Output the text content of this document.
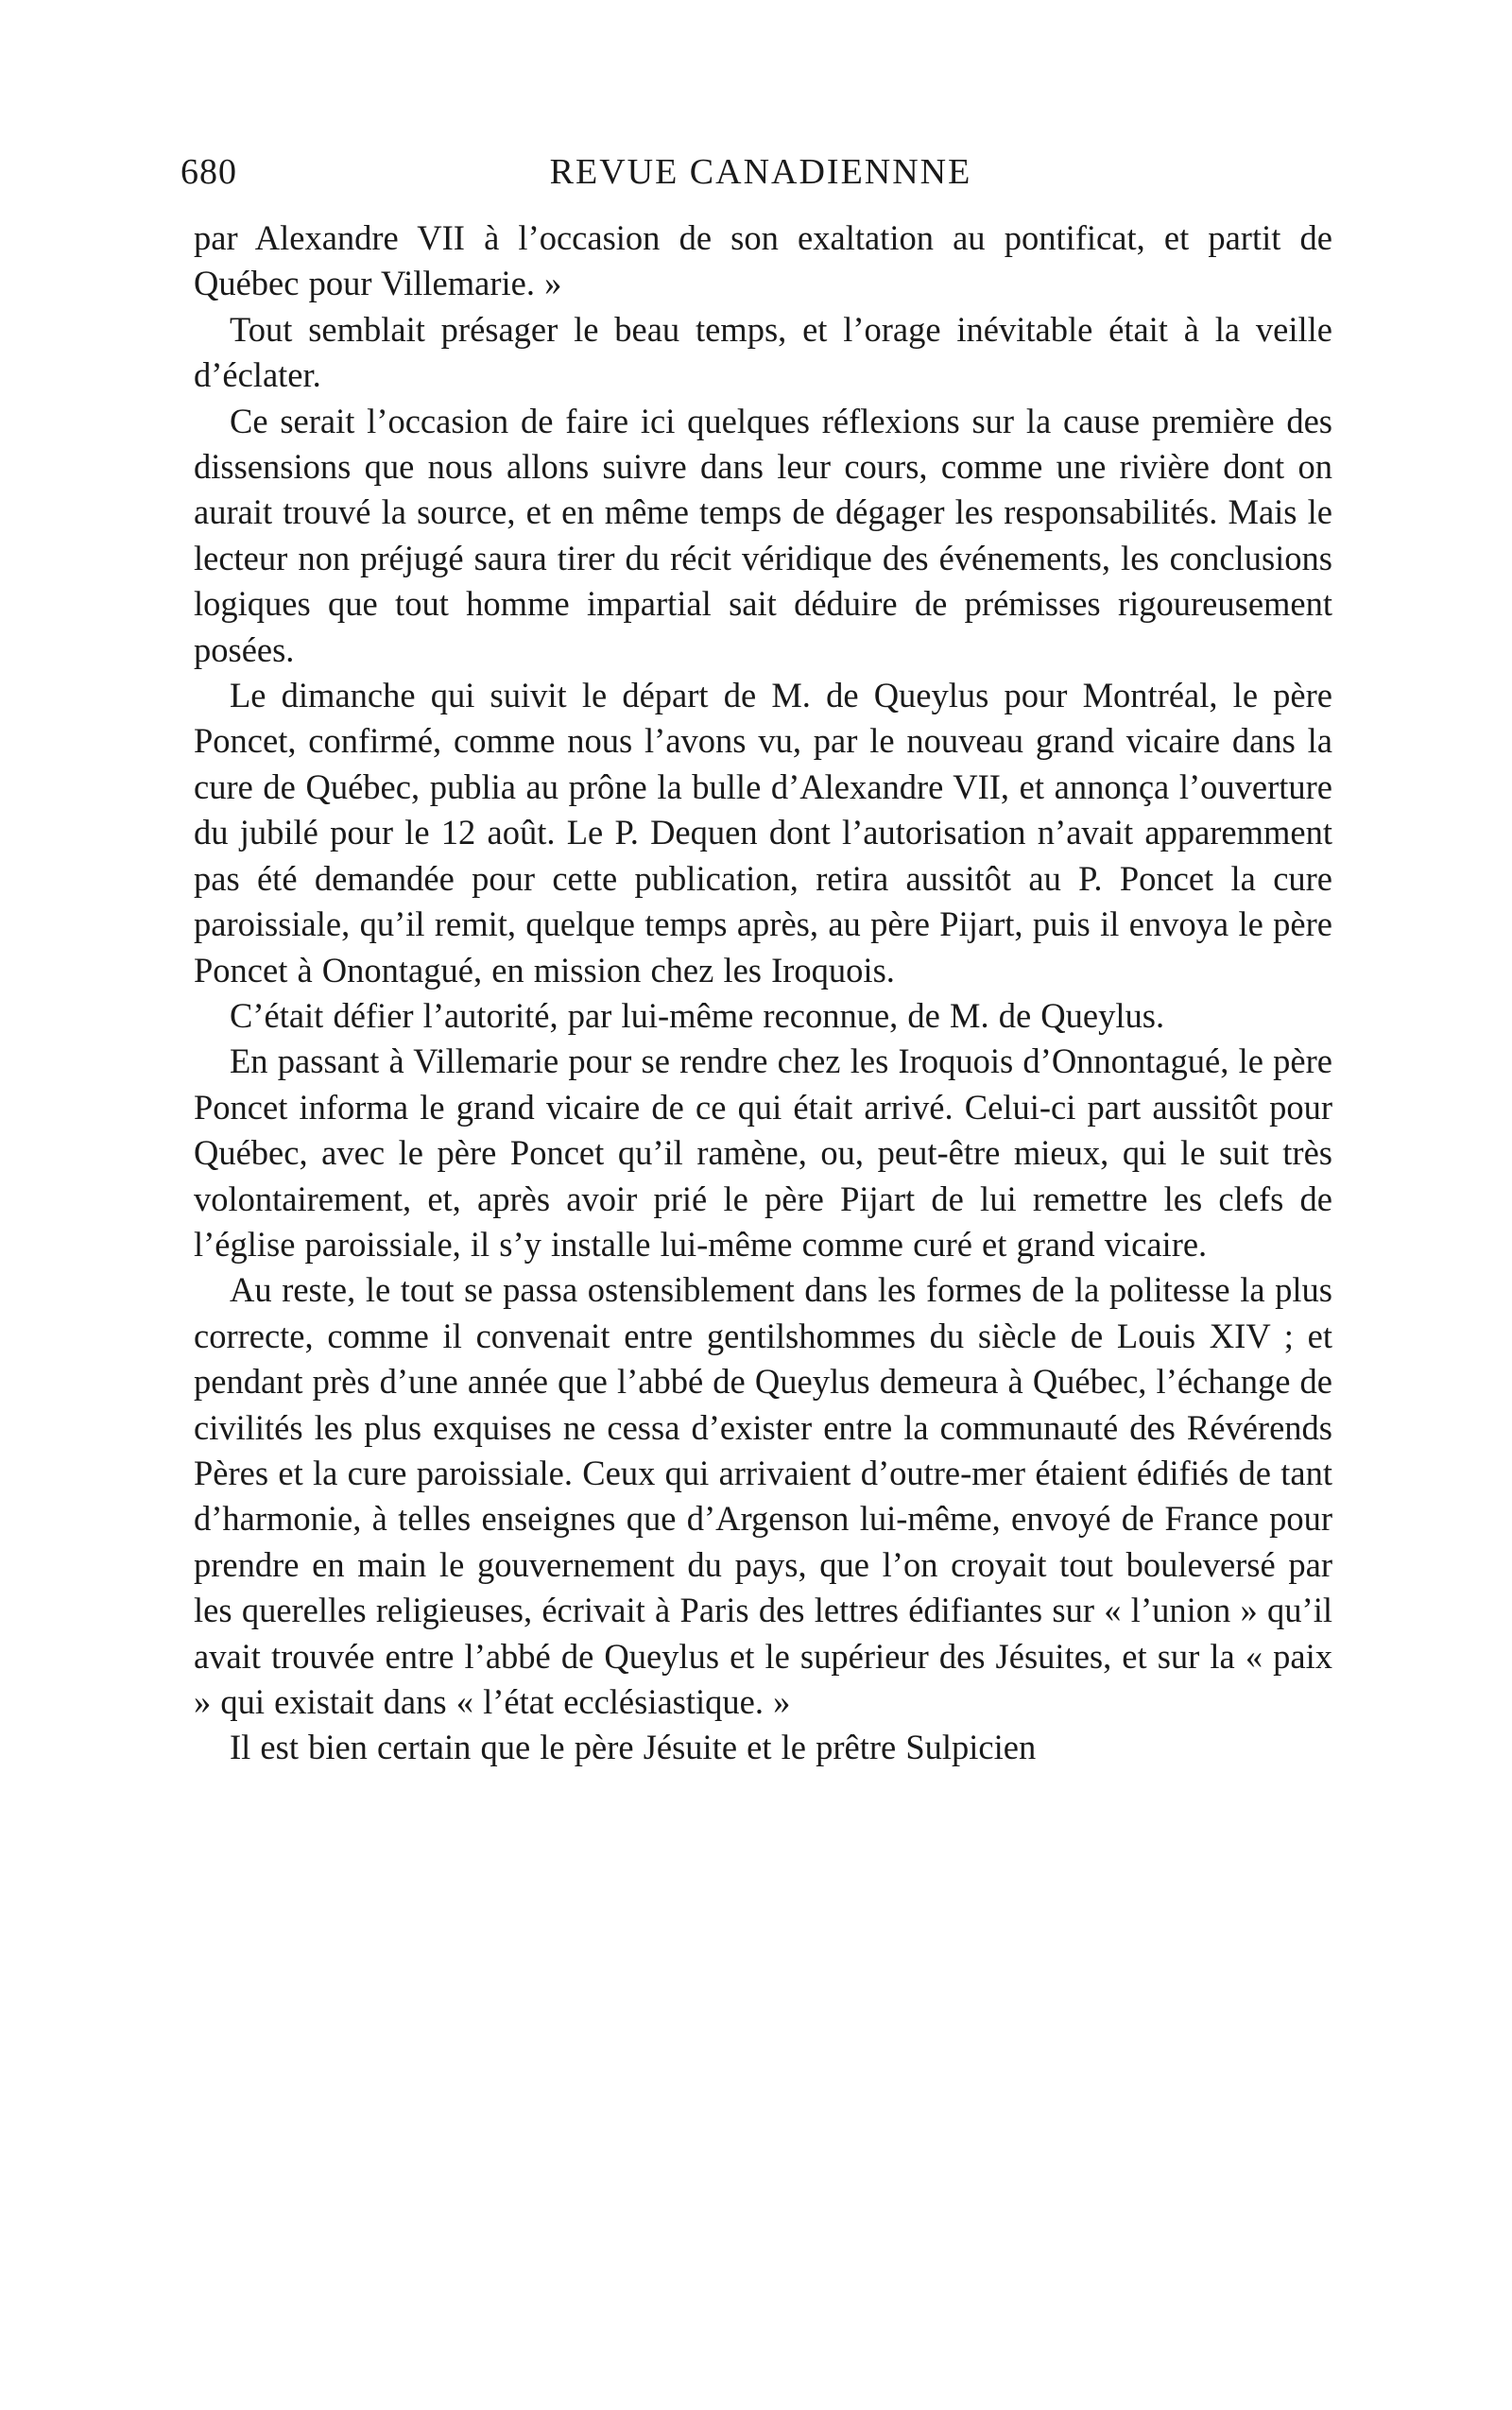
680	REVUE CANADIENNNE

par Alexandre VII à l’occasion de son exaltation au pontificat, et partit de Québec pour Villemarie. »

Tout semblait présager le beau temps, et l’orage inévitable était à la veille d’éclater.

Ce serait l’occasion de faire ici quelques réflexions sur la cause première des dissensions que nous allons suivre dans leur cours, comme une rivière dont on aurait trouvé la source, et en même temps de dégager les responsabilités. Mais le lecteur non préjugé saura tirer du récit véridique des événements, les conclusions logiques que tout homme impartial sait déduire de prémisses rigoureusement posées.

Le dimanche qui suivit le départ de M. de Queylus pour Montréal, le père Poncet, confirmé, comme nous l’avons vu, par le nouveau grand vicaire dans la cure de Québec, publia au prône la bulle d’Alexandre VII, et annonça l’ouverture du jubilé pour le 12 août. Le P. Dequen dont l’autorisation n’avait apparemment pas été demandée pour cette publication, retira aussitôt au P. Poncet la cure paroissiale, qu’il remit, quelque temps après, au père Pijart, puis il envoya le père Poncet à Onontagué, en mission chez les Iroquois.

C’était défier l’autorité, par lui-même reconnue, de M. de Queylus.

En passant à Villemarie pour se rendre chez les Iroquois d’Onnontagué, le père Poncet informa le grand vicaire de ce qui était arrivé. Celui-ci part aussitôt pour Québec, avec le père Poncet qu’il ramène, ou, peut-être mieux, qui le suit très volontairement, et, après avoir prié le père Pijart de lui remettre les clefs de l’église paroissiale, il s’y installe lui-même comme curé et grand vicaire.

Au reste, le tout se passa ostensiblement dans les formes de la politesse la plus correcte, comme il convenait entre gentilshommes du siècle de Louis XIV ; et pendant près d’une année que l’abbé de Queylus demeura à Québec, l’échange de civilités les plus exquises ne cessa d’exister entre la communauté des Révérends Pères et la cure paroissiale. Ceux qui arrivaient d’outre-mer étaient édifiés de tant d’harmonie, à telles enseignes que d’Argenson lui-même, envoyé de France pour prendre en main le gouvernement du pays, que l’on croyait tout bouleversé par les querelles religieuses, écrivait à Paris des lettres édifiantes sur « l’union » qu’il avait trouvée entre l’abbé de Queylus et le supérieur des Jésuites, et sur la « paix » qui existait dans « l’état ecclésiastique. »

Il est bien certain que le père Jésuite et le prêtre Sulpicien
